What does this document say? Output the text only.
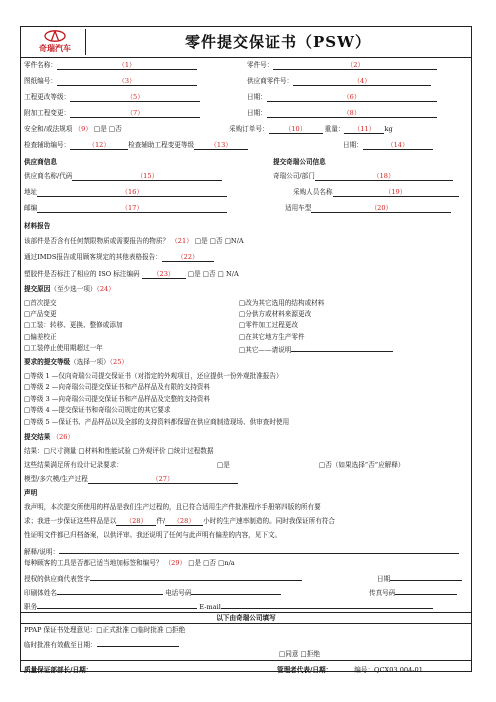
奇瑞汽车	零件提交保证书（PSW）
零件名称：	（1）	零件号：	（2）
图纸编号：	（3）	供应商零件号：	（4）
工程更改等级：	（5）	日期：	（6）
附加工程变更：	（7）	日期：	（8）
安全和/或法规项 （9） □是 □否	采购订单号： （10）	重量： （11） kg
检查辅助编号：	（12）	检查辅助工程变更等级 （13）	日期：	（14）
供应商信息	提交奇瑞公司信息
供应商名称/代码	（15）	奇瑞公司/部门	（18）
地址	（16）	采购人员名称	（19）
邮编	（17）	适用车型	（20）
材料报告
该部件是否含有任何禁限物质或需要报告的物质？ （21） □是 □否 □N/A
通过IMDS报告或用顾客规定的其他表格报告： （22）
塑胶件是否标注了相应的 ISO 标注编码 （23） □是 □否 □ N/A
提交原因（至少选一项）（24）
□首次提交
□产品变更
□工装：转移、更换、整修或添加
□偏差校正
□工装停止使用期超过一年
□改为其它选用的结构或材料
□分供方或材料来源更改
□零件加工过程更改
□在其它地方生产零件
□其它——请说明
要求的提交等级（选择一项）（25）
□等级 1 —仅向奇瑞公司提交保证书（对指定的外观项目，还应提供一份外观批准报告）
□等级 2 —向奇瑞公司提交保证书和产品样品及有限的支持资料
□等级 3 —向奇瑞公司提交保证书和产品样品及完整的支持资料
□等级 4 —提交保证书和奇瑞公司规定的其它要求
□等级 5 —保证书、产品样品以及全部的支持资料都保留在供应商制造现场、供审查时使用
提交结果 （26）
结果：□尺寸测量 □材料和性能试验 □外观评价 □统计过程数据
这些结果满足所有设计记录要求：	□是	□否（如果选择“否”应解释）
模型/多穴模/生产过程	（27）
声明
我声明，本次提交所使用的样品是我们生产过程的，且已符合适用生产件批准程序手册第四版的所有要
求；我进一步保证这些样品是以 （28） 件/ （28） 小时的生产速率制造的。同时我保证所有符合
性证明文件都已归档备案，以供评审。我还说明了任何与此声明有偏差的内容，见下文。
解释/说明：
每种顾客的工具是否都已适当地加标签和编号？ （29） □是 □否 □n/a
授权的供应商代表签字	日期
印刷体姓名	电话号码	传真号码
职务	E-mail
以下由奇瑞公司填写
PPAP 保证书处理意见：□正式批准 □临时批准 □拒绝
临时批准有效截至日期：
□同意 □拒绝
质量保证部部长/日期：	管理者代表/日期：	编号：QCX03.004-01
